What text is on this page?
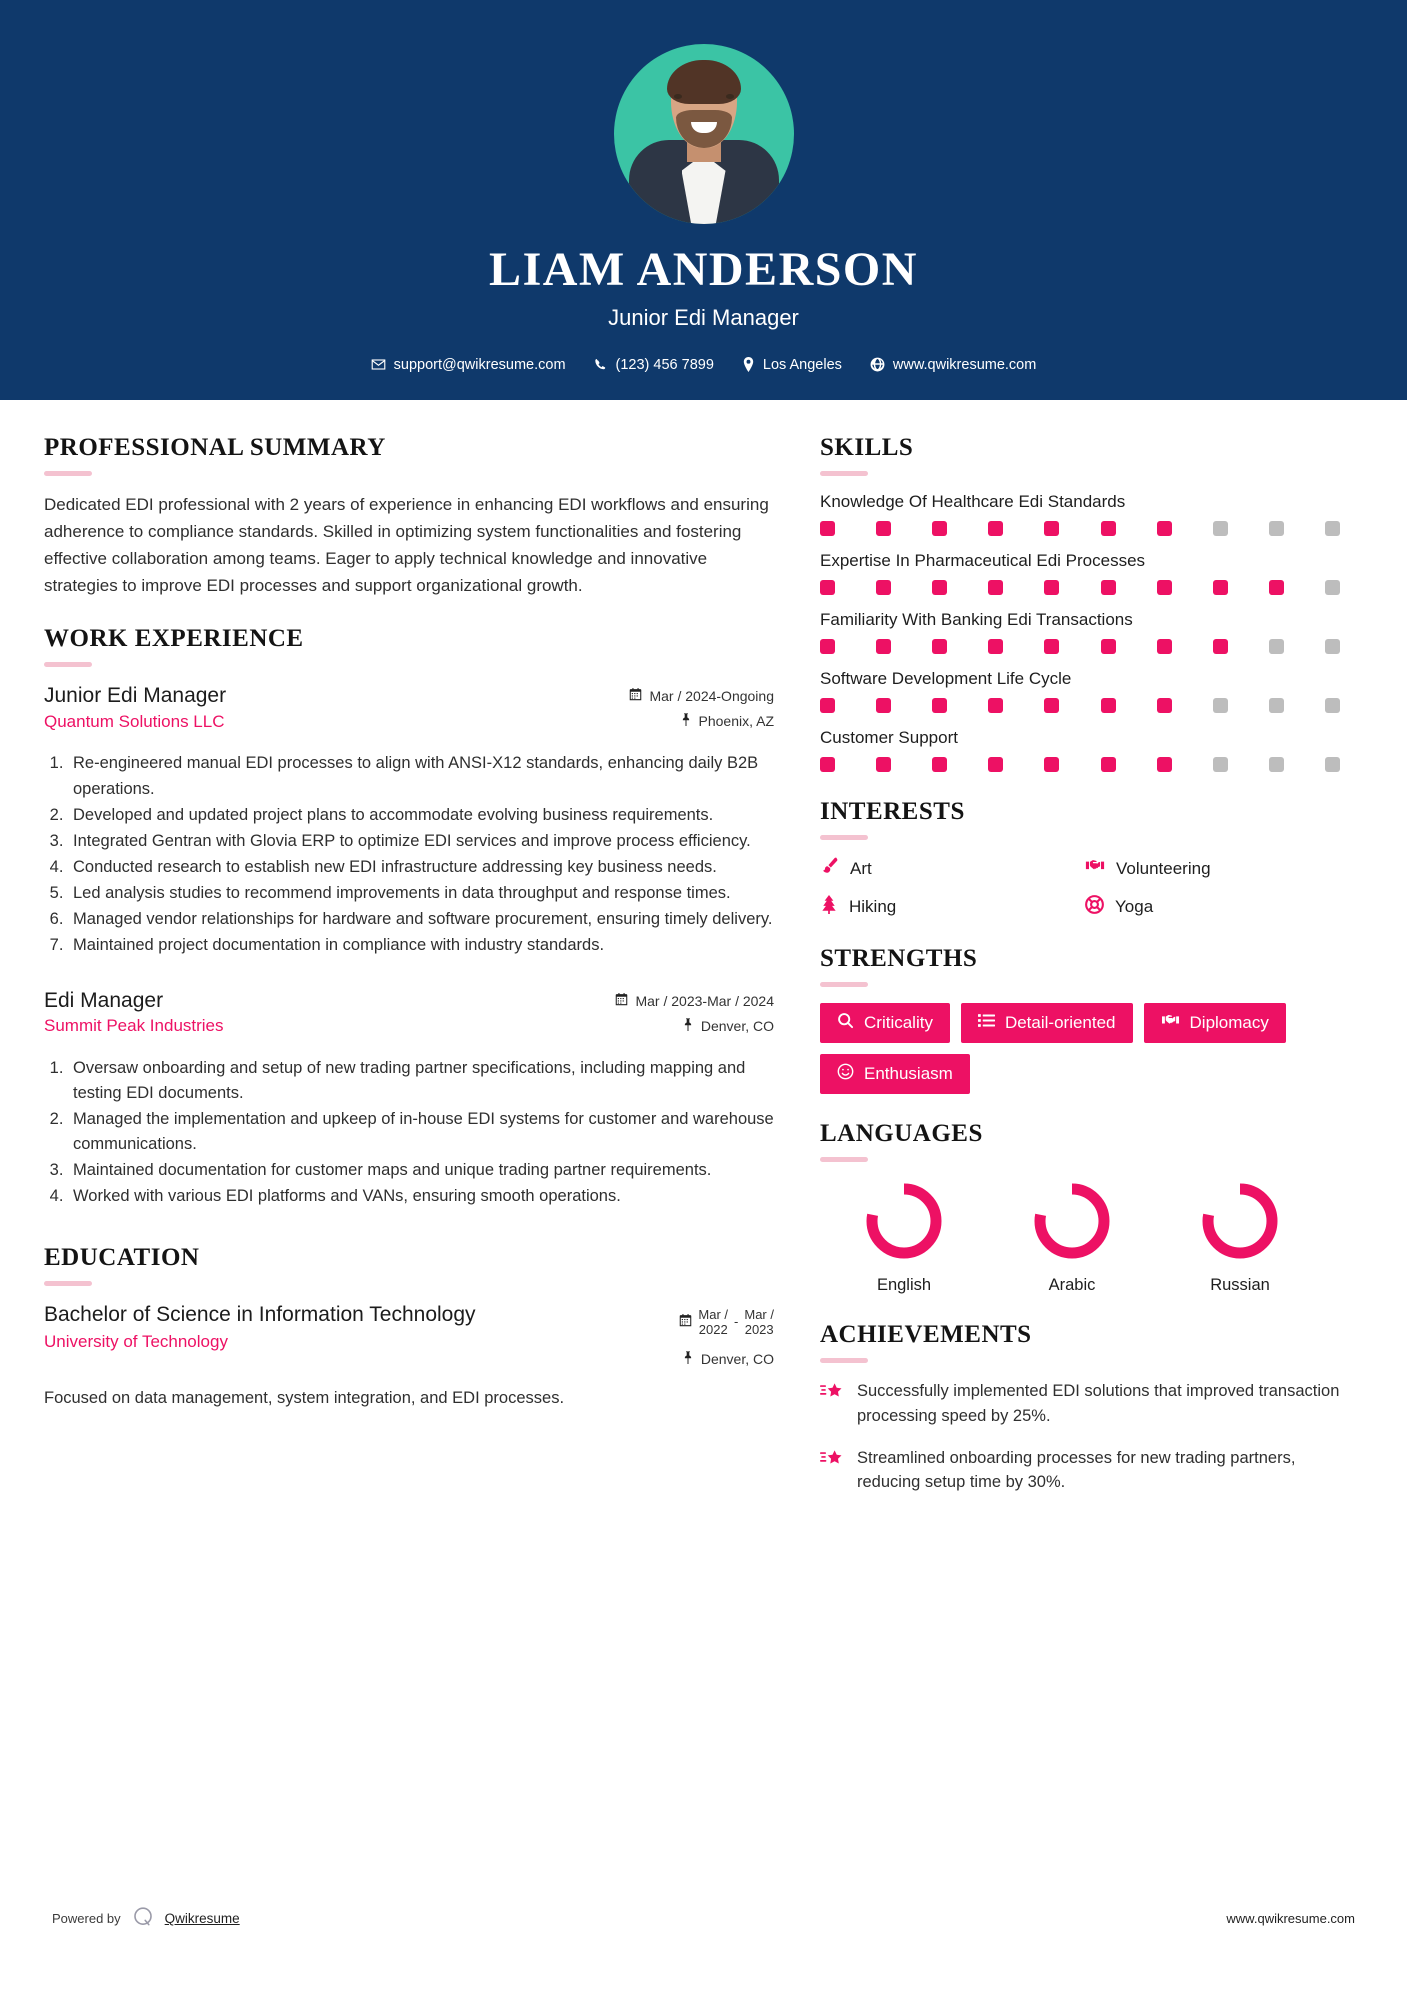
LIAM ANDERSON
Junior Edi Manager
support@qwikresume.com	(123) 456 7899	Los Angeles	www.qwikresume.com
PROFESSIONAL SUMMARY
Dedicated EDI professional with 2 years of experience in enhancing EDI workflows and ensuring adherence to compliance standards. Skilled in optimizing system functionalities and fostering effective collaboration among teams. Eager to apply technical knowledge and innovative strategies to improve EDI processes and support organizational growth.
WORK EXPERIENCE
Junior Edi Manager
Quantum Solutions LLC
Mar / 2024-Ongoing
Phoenix, AZ
1. Re-engineered manual EDI processes to align with ANSI-X12 standards, enhancing daily B2B operations.
2. Developed and updated project plans to accommodate evolving business requirements.
3. Integrated Gentran with Glovia ERP to optimize EDI services and improve process efficiency.
4. Conducted research to establish new EDI infrastructure addressing key business needs.
5. Led analysis studies to recommend improvements in data throughput and response times.
6. Managed vendor relationships for hardware and software procurement, ensuring timely delivery.
7. Maintained project documentation in compliance with industry standards.
Edi Manager
Summit Peak Industries
Mar / 2023-Mar / 2024
Denver, CO
1. Oversaw onboarding and setup of new trading partner specifications, including mapping and testing EDI documents.
2. Managed the implementation and upkeep of in-house EDI systems for customer and warehouse communications.
3. Maintained documentation for customer maps and unique trading partner requirements.
4. Worked with various EDI platforms and VANs, ensuring smooth operations.
EDUCATION
Bachelor of Science in Information Technology
University of Technology
Mar /
2022
-
Mar /
2023
Denver, CO
Focused on data management, system integration, and EDI processes.
SKILLS
Knowledge Of Healthcare Edi Standards
Expertise In Pharmaceutical Edi Processes
Familiarity With Banking Edi Transactions
Software Development Life Cycle
Customer Support
INTERESTS
Art	Volunteering
Hiking	Yoga
STRENGTHS
Criticality	Detail-oriented	Diplomacy
Enthusiasm
LANGUAGES
English	Arabic	Russian
ACHIEVEMENTS
Successfully implemented EDI solutions that improved transaction processing speed by 25%.
Streamlined onboarding processes for new trading partners, reducing setup time by 30%.
Powered by	Qwikresume	www.qwikresume.com
